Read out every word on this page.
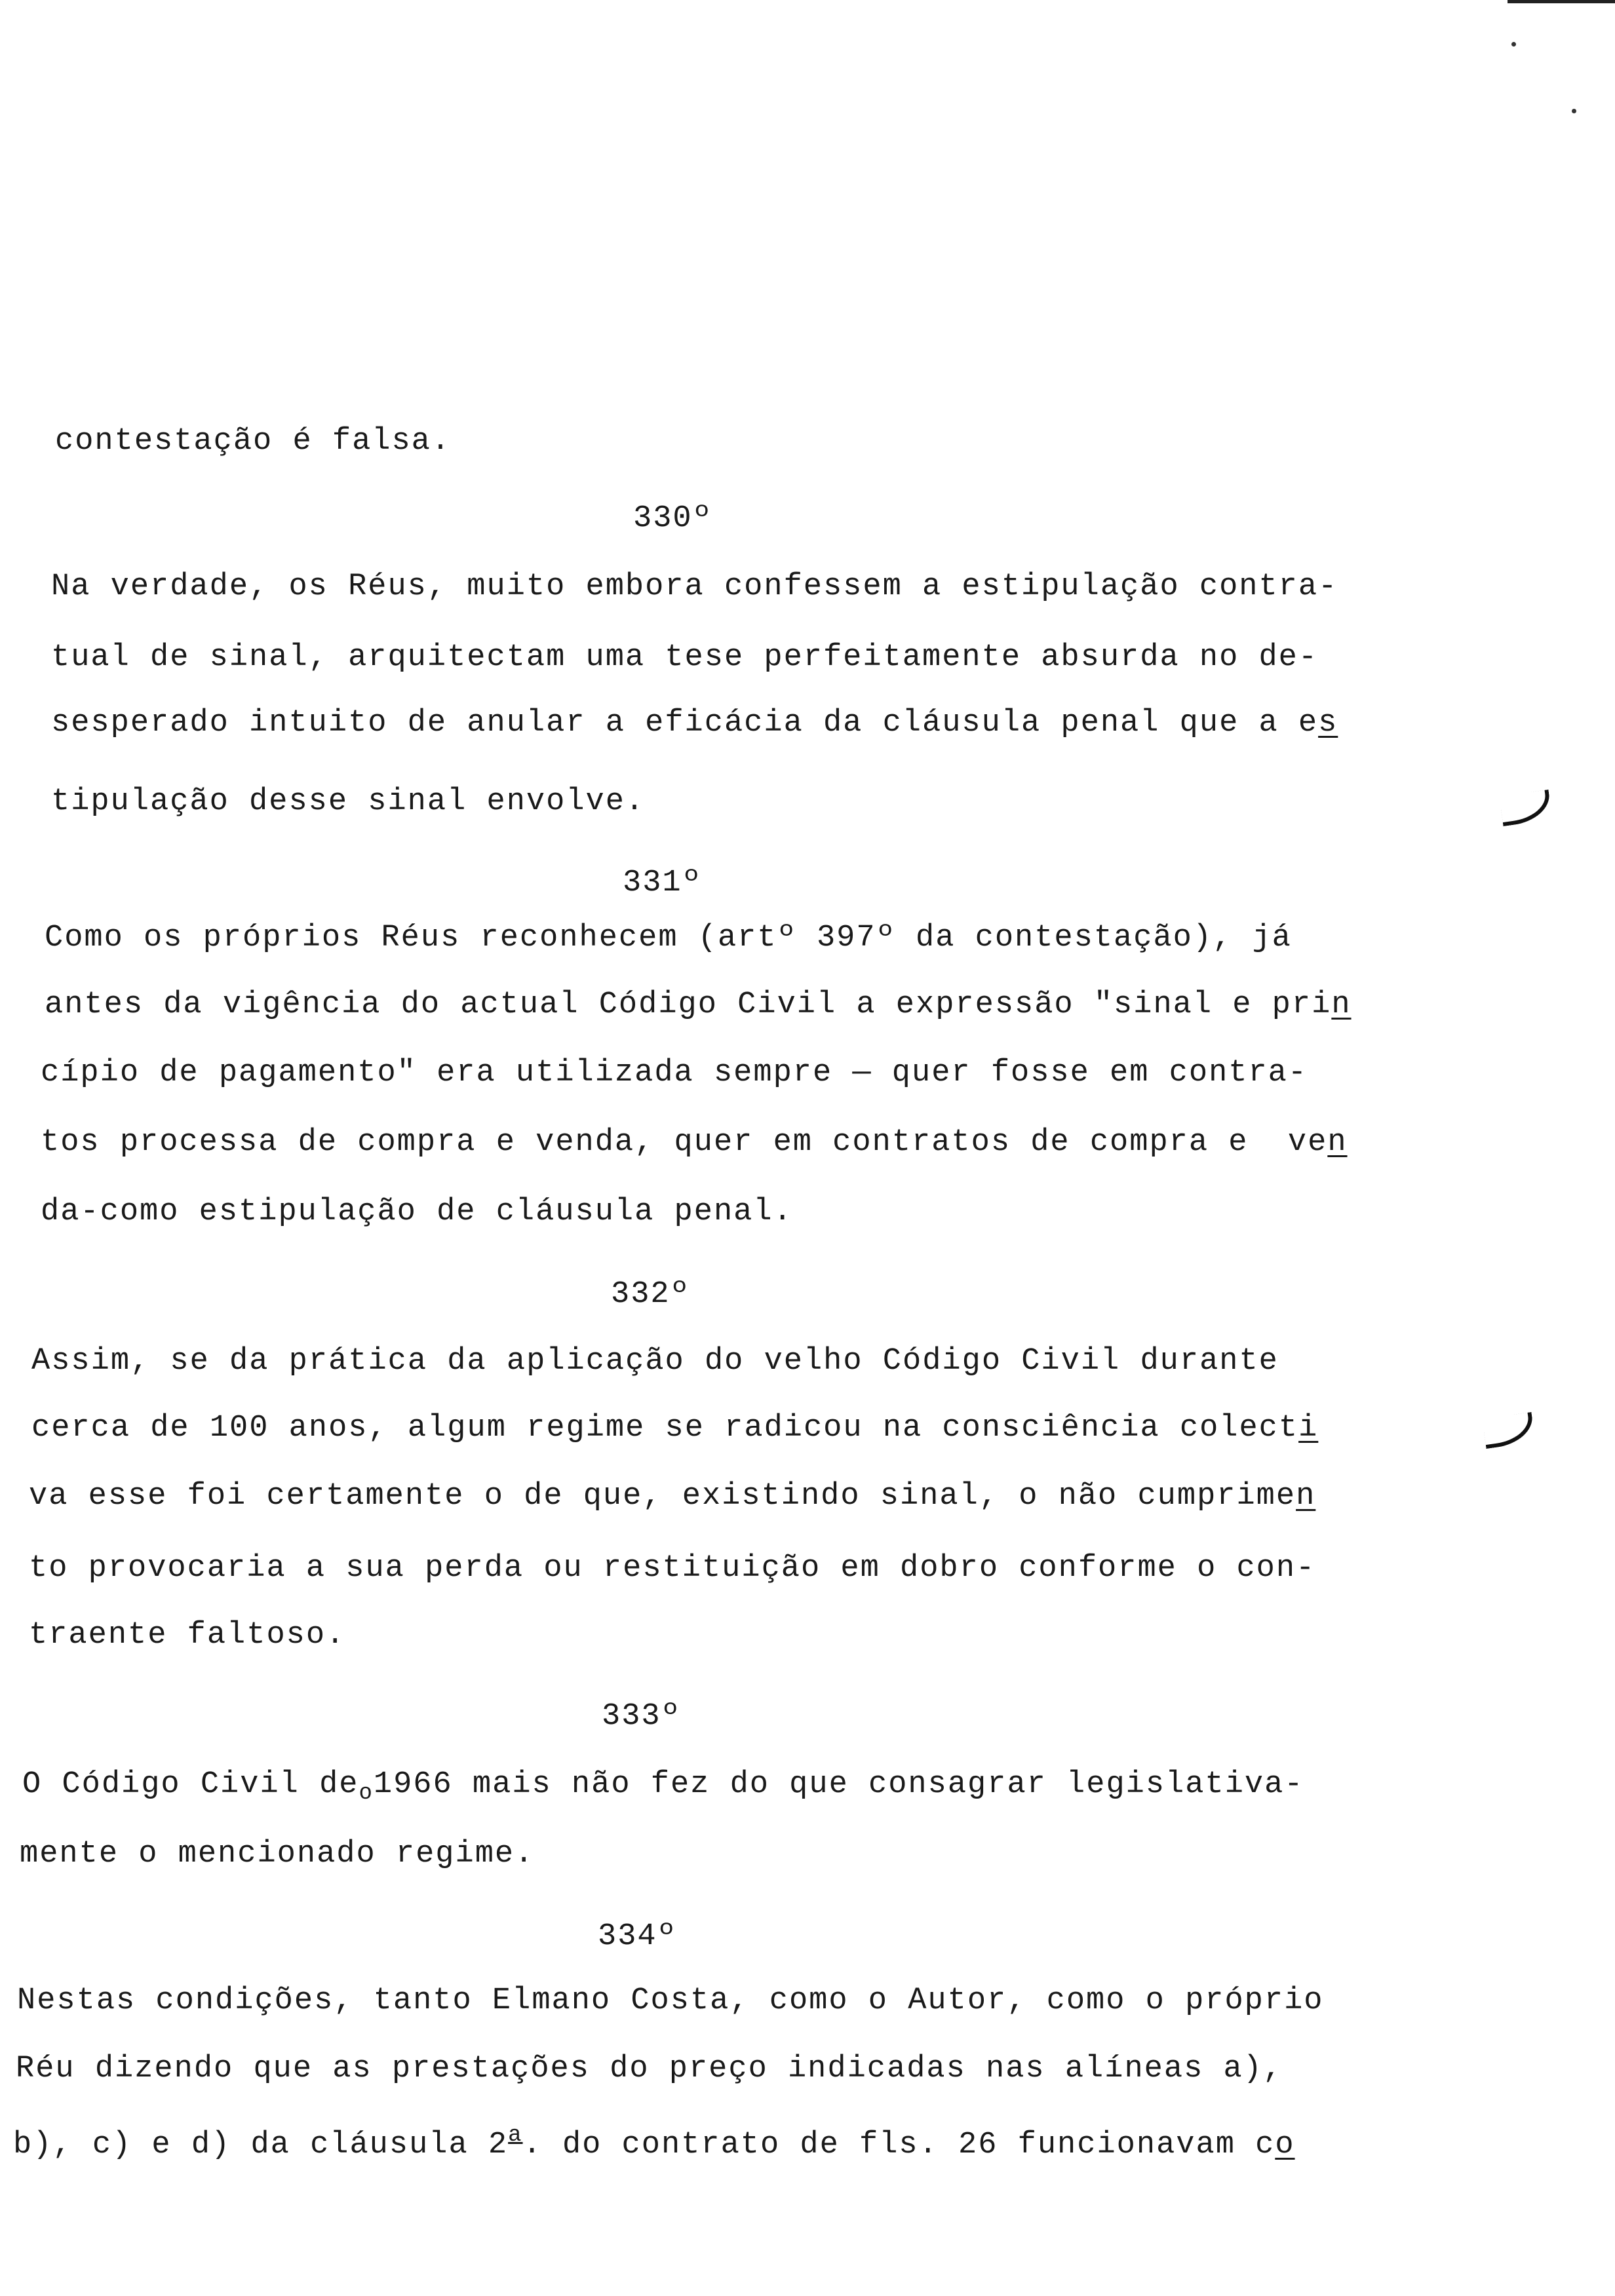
contestação é falsa.
330º
Na verdade, os Réus, muito embora confessem a estipulação contra-
tual de sinal, arquitectam uma tese perfeitamente absurda no de-
sesperado intuito de anular a eficácia da cláusula penal que a es
tipulação desse sinal envolve.
331º
Como os próprios Réus reconhecem (artº 397º da contestação), já
antes da vigência do actual Código Civil a expressão "sinal e prin
cípio de pagamento" era utilizada sempre — quer fosse em contra-
tos processa de compra e venda, quer em contratos de compra e  ven
da-como estipulação de cláusula penal.
332º
Assim, se da prática da aplicação do velho Código Civil durante
cerca de 100 anos, algum regime se radicou na consciência colecti
va esse foi certamente o de que, existindo sinal, o não cumprimen
to provocaria a sua perda ou restituição em dobro conforme o con-
traente faltoso.
333º
O Código Civil $de_o1966$ mais não fez do que consagrar legislativa-
mente o mencionado regime.
334º
Nestas condições, tanto Elmano Costa, como o Autor, como o próprio
Réu dizendo que as prestações do preço indicadas nas alíneas a),
b), c) e d) da cláusula 2$^a$. do contrato de fls. 26 funcionavam co
